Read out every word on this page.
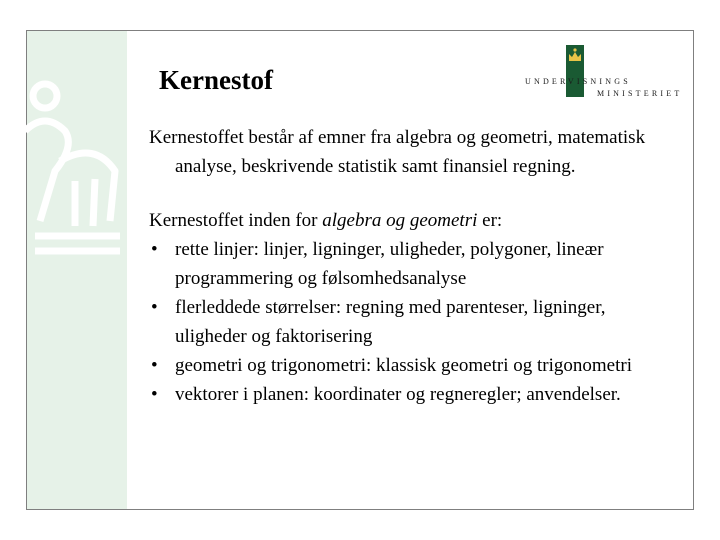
Kernestof	UNDERVISNINGS
MINISTERIET

Kernestoffet består af emner fra algebra og geometri, matematisk analyse, beskrivende statistik samt finansiel regning.

Kernestoffet inden for algebra og geometri er:

• rette linjer: linjer, ligninger, uligheder, polygoner, lineær programmering og følsomhedsanalyse
• flerleddede størrelser: regning med parenteser, ligninger, uligheder og faktorisering
• geometri og trigonometri: klassisk geometri og trigonometri
• vektorer i planen: koordinater og regneregler; anvendelser.
